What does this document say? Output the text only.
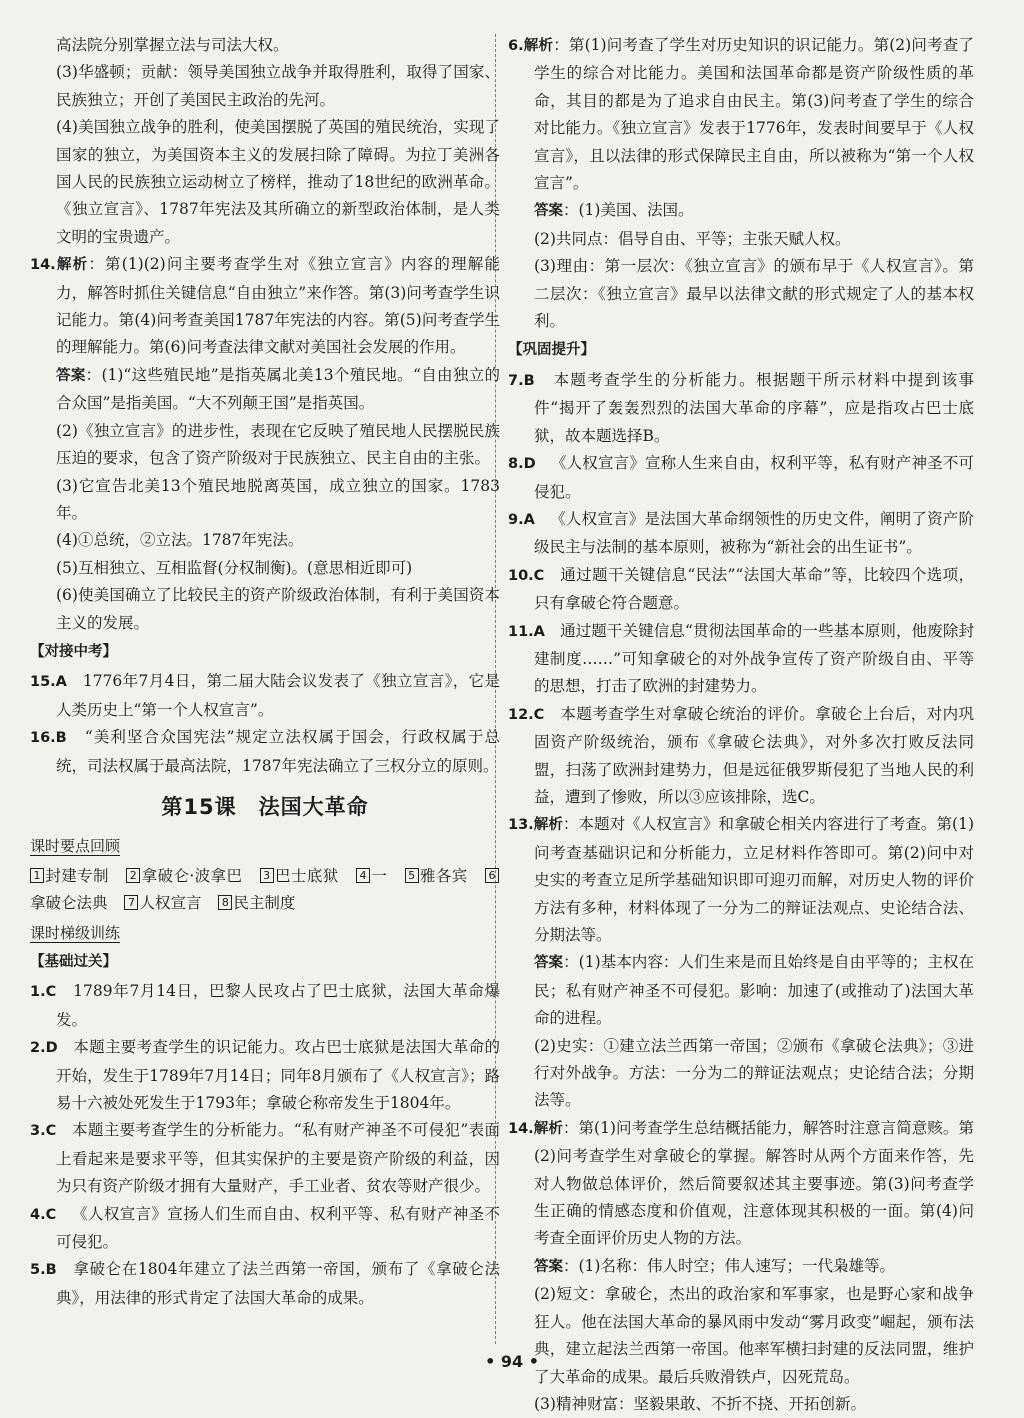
高法院分别掌握立法与司法大权。

(3)华盛顿；贡献：领导美国独立战争并取得胜利，取得了国家、民族独立；开创了美国民主政治的先河。

(4)美国独立战争的胜利，使美国摆脱了英国的殖民统治，实现了国家的独立，为美国资本主义的发展扫除了障碍。为拉丁美洲各国人民的民族独立运动树立了榜样，推动了18世纪的欧洲革命。《独立宣言》、1787年宪法及其所确立的新型政治体制，是人类文明的宝贵遗产。

14.解析：第(1)(2)问主要考查学生对《独立宣言》内容的理解能力，解答时抓住关键信息“自由独立”来作答。第(3)问考查学生识记能力。第(4)问考查美国1787年宪法的内容。第(5)问考查学生的理解能力。第(6)问考查法律文献对美国社会发展的作用。

答案：(1)“这些殖民地”是指英属北美13个殖民地。“自由独立的合众国”是指美国。“大不列颠王国”是指英国。

(2)《独立宣言》的进步性，表现在它反映了殖民地人民摆脱民族压迫的要求，包含了资产阶级对于民族独立、民主自由的主张。

(3)它宣告北美13个殖民地脱离英国，成立独立的国家。1783年。

(4)①总统，②立法。1787年宪法。

(5)互相独立、互相监督(分权制衡)。(意思相近即可)

(6)使美国确立了比较民主的资产阶级政治体制，有利于美国资本主义的发展。

【对接中考】

15.A 1776年7月4日，第二届大陆会议发表了《独立宣言》，它是人类历史上“第一个人权宣言”。

16.B “美利坚合众国宪法”规定立法权属于国会，行政权属于总统，司法权属于最高法院，1787年宪法确立了三权分立的原则。

第15课 法国大革命

课时要点回顾

1 封建专制 2 拿破仑·波拿巴 3 巴士底狱 4 一 5 雅各宾 6拿破仑法典 7 人权宣言 8 民主制度

课时梯级训练

【基础过关】

1.C 1789年7月14日，巴黎人民攻占了巴士底狱，法国大革命爆发。

2.D 本题主要考查学生的识记能力。攻占巴士底狱是法国大革命的开始，发生于1789年7月14日；同年8月颁布了《人权宣言》；路易十六被处死发生于1793年；拿破仑称帝发生于1804年。

3.C 本题主要考查学生的分析能力。“私有财产神圣不可侵犯”表面上看起来是要求平等，但其实保护的主要是资产阶级的利益，因为只有资产阶级才拥有大量财产，手工业者、贫农等财产很少。

4.C 《人权宣言》宣扬人们生而自由、权利平等、私有财产神圣不可侵犯。

5.B 拿破仑在1804年建立了法兰西第一帝国，颁布了《拿破仑法典》，用法律的形式肯定了法国大革命的成果。

6.解析：第(1)问考查了学生对历史知识的识记能力。第(2)问考查了学生的综合对比能力。美国和法国革命都是资产阶级性质的革命，其目的都是为了追求自由民主。第(3)问考查了学生的综合对比能力。《独立宣言》发表于1776年，发表时间要早于《人权宣言》，且以法律的形式保障民主自由，所以被称为“第一个人权宣言”。

答案：(1)美国、法国。

(2)共同点：倡导自由、平等；主张天赋人权。

(3)理由：第一层次：《独立宣言》的颁布早于《人权宣言》。第二层次：《独立宣言》最早以法律文献的形式规定了人的基本权利。

【巩固提升】

7.B 本题考查学生的分析能力。根据题干所示材料中提到该事件“揭开了轰轰烈烈的法国大革命的序幕”，应是指攻占巴士底狱，故本题选择B。

8.D 《人权宣言》宣称人生来自由，权利平等，私有财产神圣不可侵犯。

9.A 《人权宣言》是法国大革命纲领性的历史文件，阐明了资产阶级民主与法制的基本原则，被称为“新社会的出生证书”。

10.C 通过题干关键信息“民法”“法国大革命”等，比较四个选项，只有拿破仑符合题意。

11.A 通过题干关键信息“贯彻法国革命的一些基本原则，他废除封建制度……”可知拿破仑的对外战争宣传了资产阶级自由、平等的思想，打击了欧洲的封建势力。

12.C 本题考查学生对拿破仑统治的评价。拿破仑上台后，对内巩固资产阶级统治，颁布《拿破仑法典》，对外多次打败反法同盟，扫荡了欧洲封建势力，但是远征俄罗斯侵犯了当地人民的利益，遭到了惨败，所以③应该排除，选C。

13.解析：本题对《人权宣言》和拿破仑相关内容进行了考查。第(1)问考查基础识记和分析能力，立足材料作答即可。第(2)问中对史实的考查立足所学基础知识即可迎刃而解，对历史人物的评价方法有多种，材料体现了一分为二的辩证法观点、史论结合法、分期法等。

答案：(1)基本内容：人们生来是而且始终是自由平等的；主权在民；私有财产神圣不可侵犯。影响：加速了(或推动了)法国大革命的进程。

(2)史实：①建立法兰西第一帝国；②颁布《拿破仑法典》；③进行对外战争。方法：一分为二的辩证法观点；史论结合法；分期法等。

14.解析：第(1)问考查学生总结概括能力，解答时注意言简意赅。第(2)问考查学生对拿破仑的掌握。解答时从两个方面来作答，先对人物做总体评价，然后简要叙述其主要事迹。第(3)问考查学生正确的情感态度和价值观，注意体现其积极的一面。第(4)问考查全面评价历史人物的方法。

答案：(1)名称：伟人时空；伟人速写；一代枭雄等。

(2)短文：拿破仑，杰出的政治家和军事家，也是野心家和战争狂人。他在法国大革命的暴风雨中发动“雾月政变”崛起，颁布法典，建立起法兰西第一帝国。他率军横扫封建的反法同盟，维护了大革命的成果。最后兵败滑铁卢，囚死荒岛。

(3)精神财富：坚毅果敢、不折不挠、开拓创新。

• 94 •
